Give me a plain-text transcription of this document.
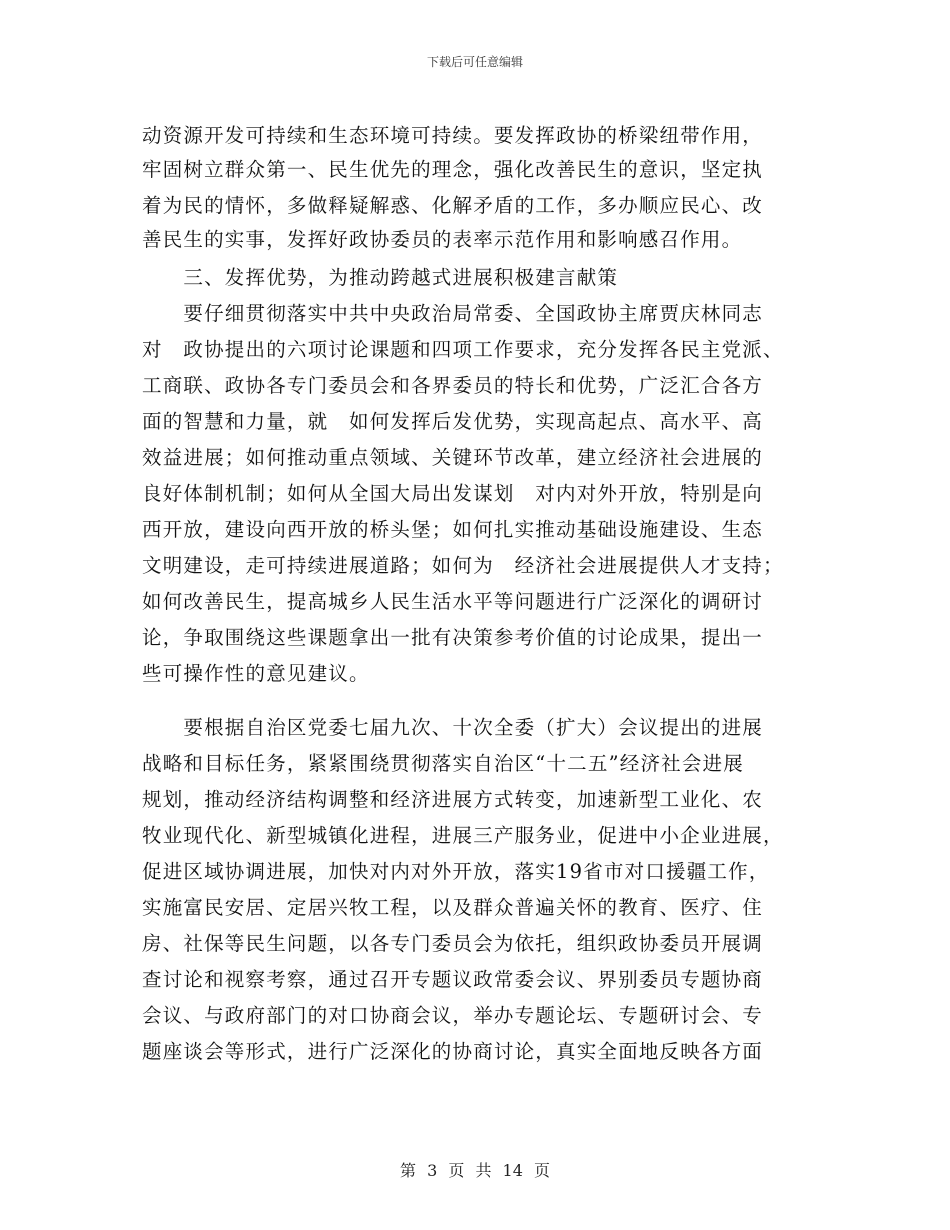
下载后可任意编辑
动资源开发可持续和生态环境可持续。要发挥政协的桥梁纽带作用，
牢固树立群众第一、民生优先的理念，强化改善民生的意识，坚定执
着为民的情怀，多做释疑解惑、化解矛盾的工作，多办顺应民心、改
善民生的实事，发挥好政协委员的表率示范作用和影响感召作用。
　　三、发挥优势，为推动跨越式进展积极建言献策
　　要仔细贯彻落实中共中央政治局常委、全国政协主席贾庆林同志
对　政协提出的六项讨论课题和四项工作要求，充分发挥各民主党派、
工商联、政协各专门委员会和各界委员的特长和优势，广泛汇合各方
面的智慧和力量，就　如何发挥后发优势，实现高起点、高水平、高
效益进展；如何推动重点领域、关键环节改革，建立经济社会进展的
良好体制机制；如何从全国大局出发谋划　对内对外开放，特别是向
西开放，建设向西开放的桥头堡；如何扎实推动基础设施建设、生态
文明建设，走可持续进展道路；如何为　经济社会进展提供人才支持；
如何改善民生，提高城乡人民生活水平等问题进行广泛深化的调研讨
论，争取围绕这些课题拿出一批有决策参考价值的讨论成果，提出一
些可操作性的意见建议。
　　要根据自治区党委七届九次、十次全委（扩大）会议提出的进展
战略和目标任务，紧紧围绕贯彻落实自治区“十二五”经济社会进展
规划，推动经济结构调整和经济进展方式转变，加速新型工业化、农
牧业现代化、新型城镇化进程，进展三产服务业，促进中小企业进展，
促进区域协调进展，加快对内对外开放，落实19省市对口援疆工作，
实施富民安居、定居兴牧工程，以及群众普遍关怀的教育、医疗、住
房、社保等民生问题，以各专门委员会为依托，组织政协委员开展调
查讨论和视察考察，通过召开专题议政常委会议、界别委员专题协商
会议、与政府部门的对口协商会议，举办专题论坛、专题研讨会、专
题座谈会等形式，进行广泛深化的协商讨论，真实全面地反映各方面
第 3 页 共 14 页
